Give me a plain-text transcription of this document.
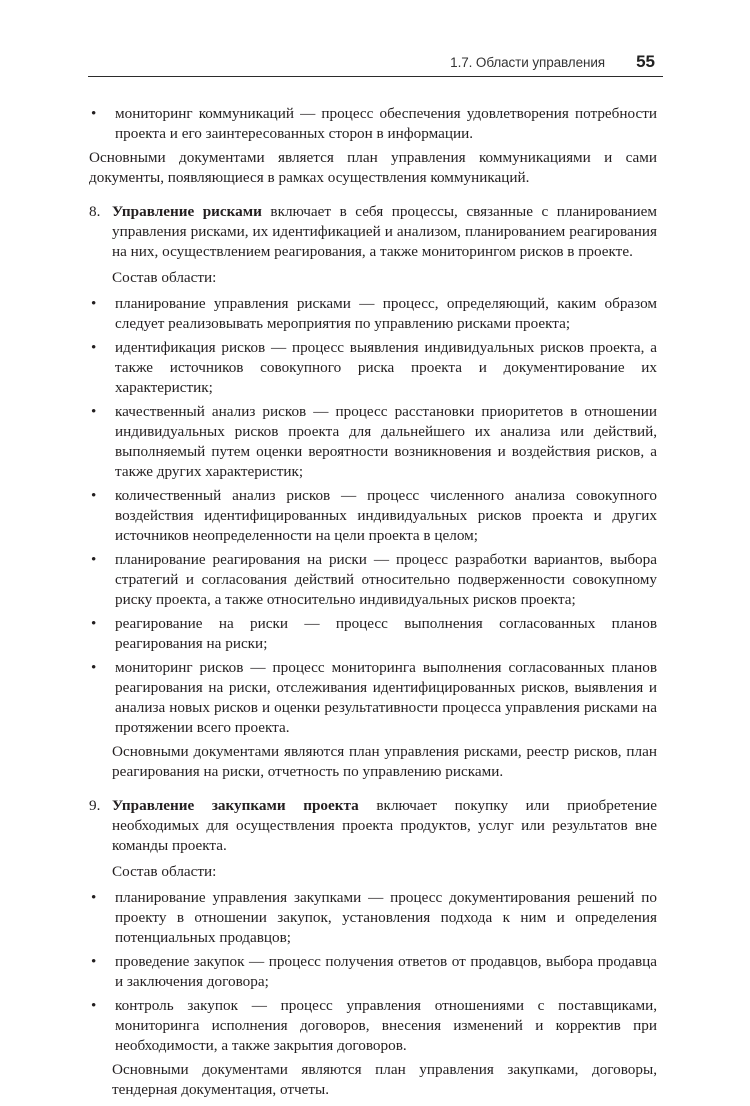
1.7. Области управления 55
• мониторинг коммуникаций — процесс обеспечения удовлетворения потребности проекта и его заинтересованных сторон в информации.

Основными документами является план управления коммуникациями и сами документы, появляющиеся в рамках осуществления коммуникаций.

8. Управление рисками включает в себя процессы, связанные с планированием управления рисками, их идентификацией и анализом, планированием реагирования на них, осуществлением реагирования, а также мониторингом рисков в проекте.
Состав области:
• планирование управления рисками — процесс, определяющий, каким образом следует реализовывать мероприятия по управлению рисками проекта;
• идентификация рисков — процесс выявления индивидуальных рисков проекта, а также источников совокупного риска проекта и документирование их характеристик;
• качественный анализ рисков — процесс расстановки приоритетов в отношении индивидуальных рисков проекта для дальнейшего их анализа или действий, выполняемый путем оценки вероятности возникновения и воздействия рисков, а также других характеристик;
• количественный анализ рисков — процесс численного анализа совокупного воздействия идентифицированных индивидуальных рисков проекта и других источников неопределенности на цели проекта в целом;
• планирование реагирования на риски — процесс разработки вариантов, выбора стратегий и согласования действий относительно подверженности совокупному риску проекта, а также относительно индивидуальных рисков проекта;
• реагирование на риски — процесс выполнения согласованных планов реагирования на риски;
• мониторинг рисков — процесс мониторинга выполнения согласованных планов реагирования на риски, отслеживания идентифицированных рисков, выявления и анализа новых рисков и оценки результативности процесса управления рисками на протяжении всего проекта.

Основными документами являются план управления рисками, реестр рисков, план реагирования на риски, отчетность по управлению рисками.

9. Управление закупками проекта включает покупку или приобретение необходимых для осуществления проекта продуктов, услуг или результатов вне команды проекта.
Состав области:
• планирование управления закупками — процесс документирования решений по проекту в отношении закупок, установления подхода к ним и определения потенциальных продавцов;
• проведение закупок — процесс получения ответов от продавцов, выбора продавца и заключения договора;
• контроль закупок — процесс управления отношениями с поставщиками, мониторинга исполнения договоров, внесения изменений и корректив при необходимости, а также закрытия договоров.

Основными документами являются план управления закупками, договоры, тендерная документация, отчеты.
